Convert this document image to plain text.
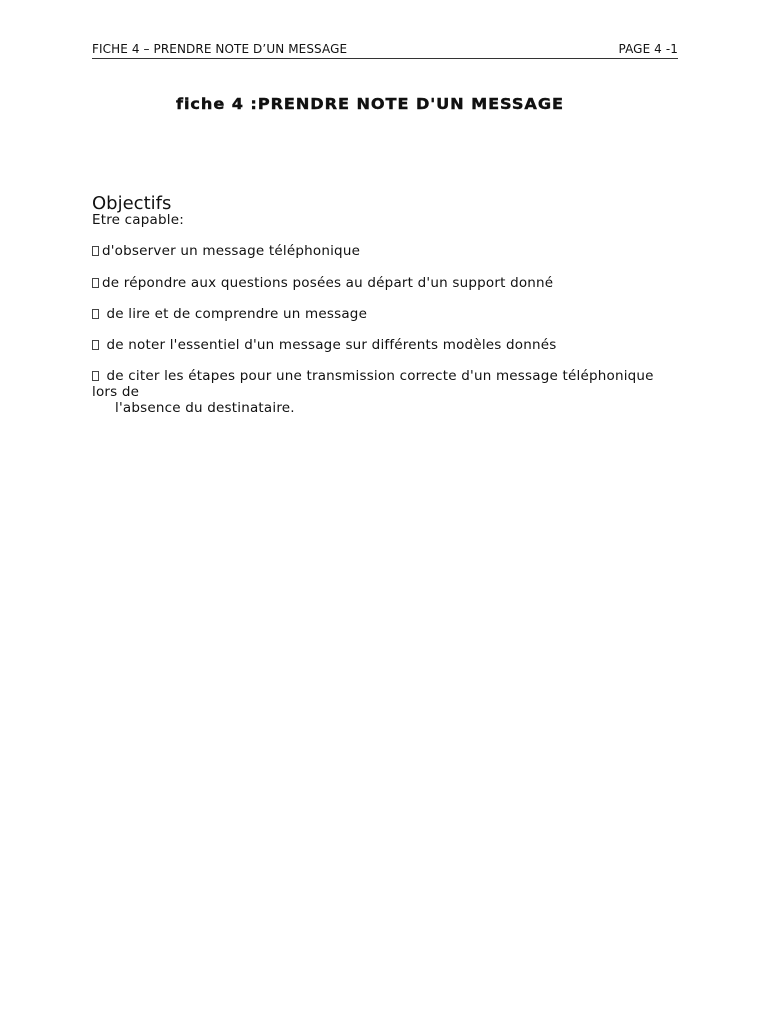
FICHE 4 – PRENDRE NOTE D’UN MESSAGE	PAGE 4 -1
fiche 4 :PRENDRE NOTE D'UN MESSAGE
Objectifs
Etre capable:
d'observer un message téléphonique
de répondre aux questions posées au départ d'un support donné
de lire et de comprendre un message
de noter l'essentiel d'un message sur différents modèles donnés
de citer les étapes pour une transmission correcte d'un message téléphonique lors de
l'absence du destinataire.
